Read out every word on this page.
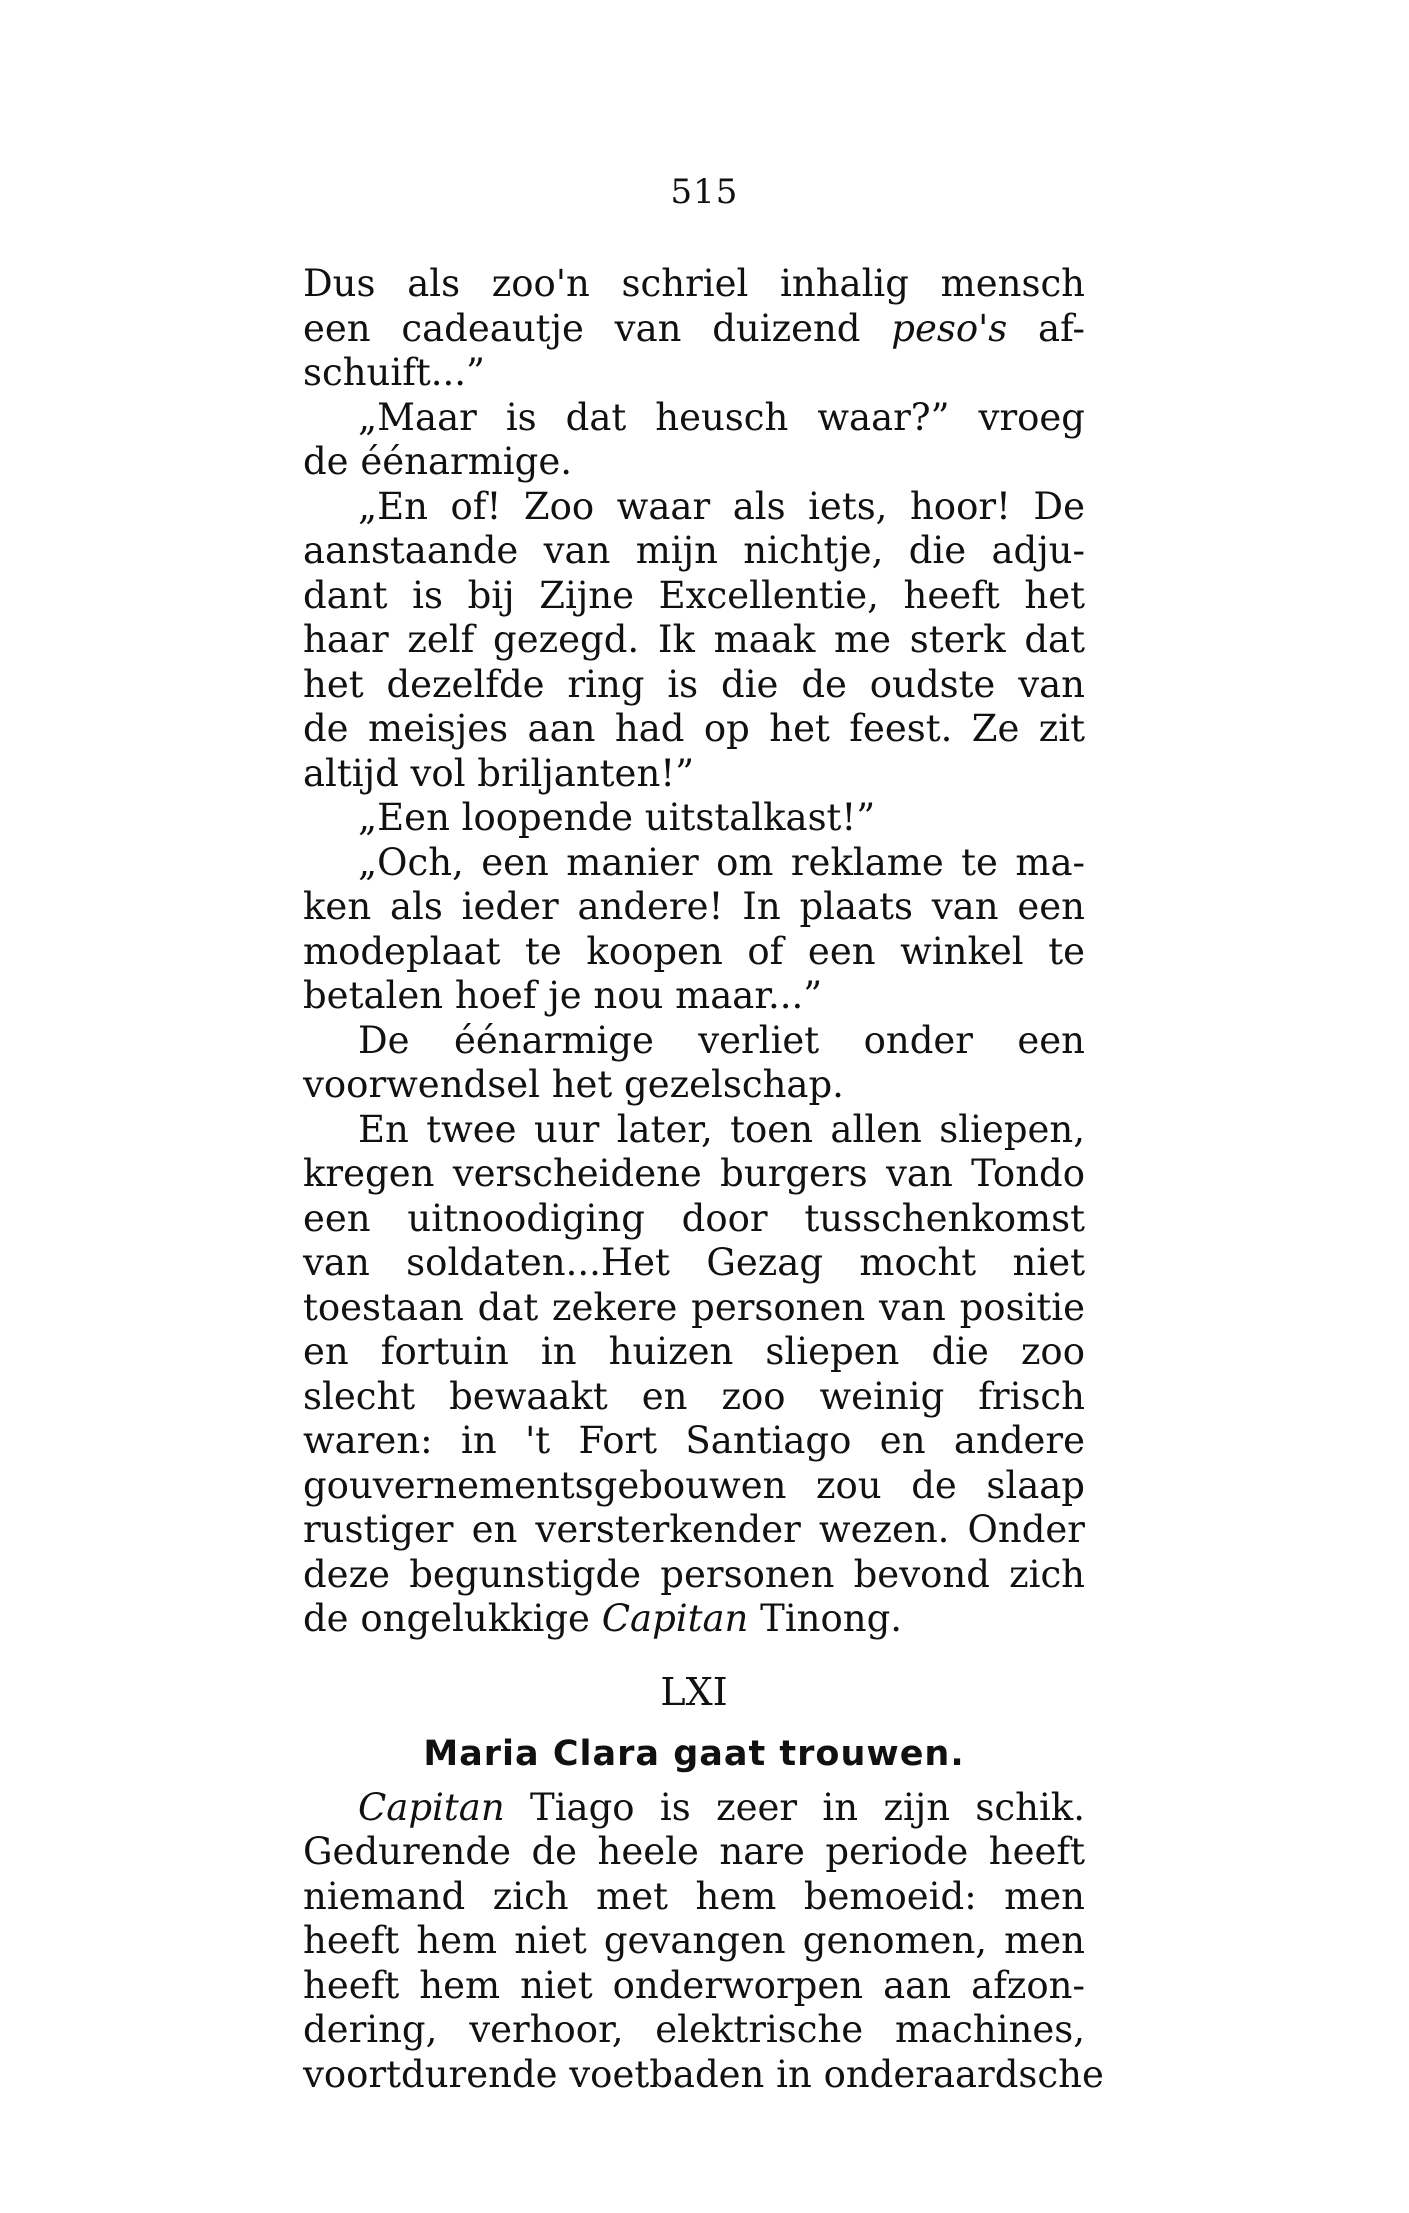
515
Dus als zoo'n schriel inhalig mensch
een cadeautje van duizend peso's af-
schuift...”
„Maar is dat heusch waar?” vroeg
de éénarmige.
„En of! Zoo waar als iets, hoor! De
aanstaande van mijn nichtje, die adju-
dant is bij Zijne Excellentie, heeft het
haar zelf gezegd. Ik maak me sterk dat
het dezelfde ring is die de oudste van
de meisjes aan had op het feest. Ze zit
altijd vol briljanten!”
„Een loopende uitstalkast!”
„Och, een manier om reklame te ma-
ken als ieder andere! In plaats van een
modeplaat te koopen of een winkel te
betalen hoef je nou maar...”
De éénarmige verliet onder een
voorwendsel het gezelschap.
En twee uur later, toen allen sliepen,
kregen verscheidene burgers van Tondo
een uitnoodiging door tusschenkomst
van soldaten...Het Gezag mocht niet
toestaan dat zekere personen van positie
en fortuin in huizen sliepen die zoo
slecht bewaakt en zoo weinig frisch
waren: in 't Fort Santiago en andere
gouvernementsgebouwen zou de slaap
rustiger en versterkender wezen. Onder
deze begunstigde personen bevond zich
de ongelukkige Capitan Tinong.
LXI
Maria Clara gaat trouwen.
Capitan Tiago is zeer in zijn schik.
Gedurende de heele nare periode heeft
niemand zich met hem bemoeid: men
heeft hem niet gevangen genomen, men
heeft hem niet onderworpen aan afzon-
dering, verhoor, elektrische machines,
voortdurende voetbaden in onderaardsche
